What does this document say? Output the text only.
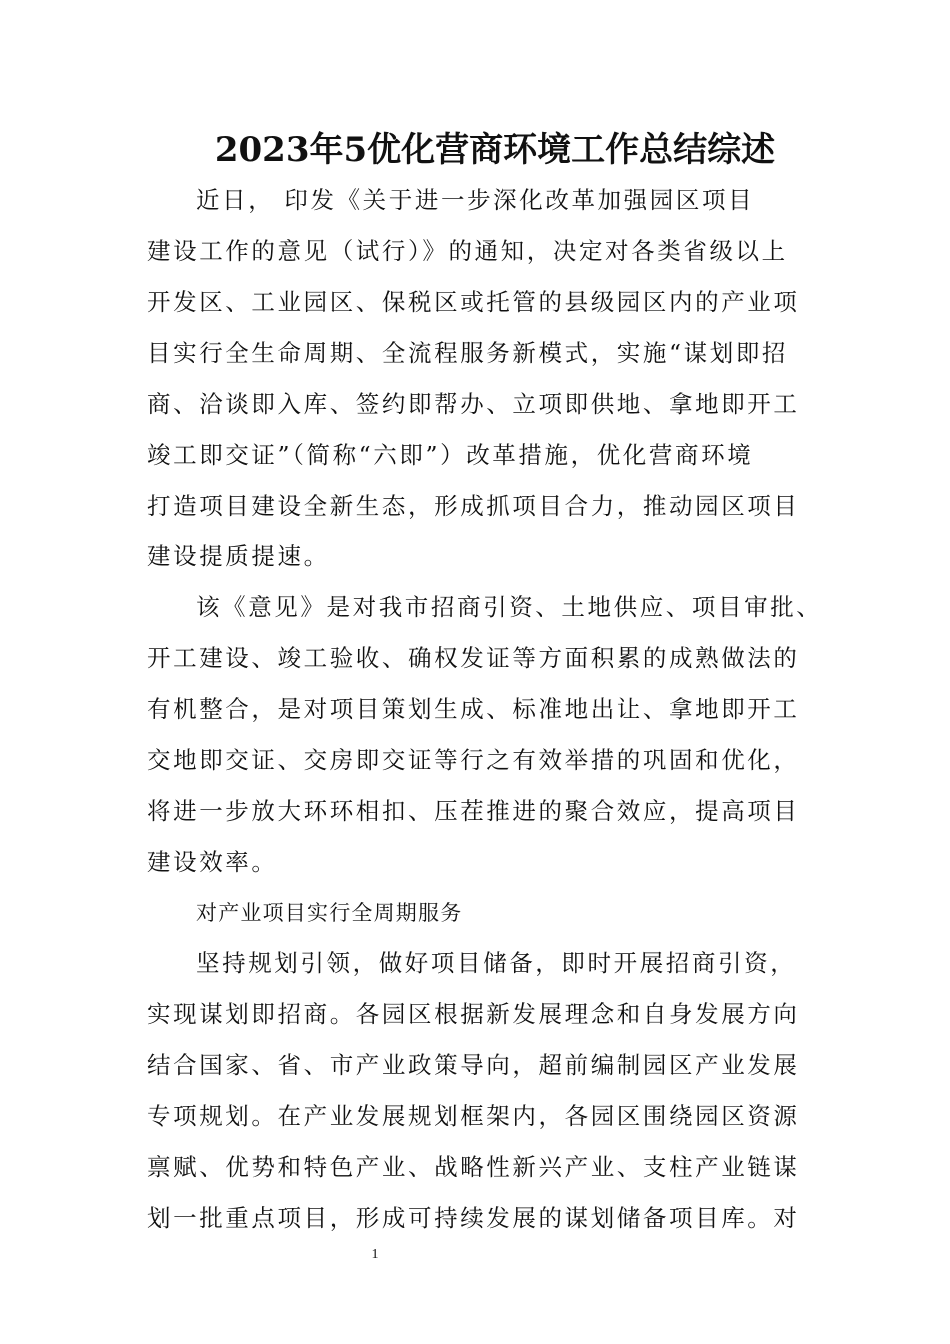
2023年5优化营商环境工作总结综述
近日， 印发《关于进一步深化改革加强园区项目
建设工作的意见（试行）》的通知，决定对各类省级以上
开发区、工业园区、保税区或托管的县级园区内的产业项
目实行全生命周期、全流程服务新模式，实施“谋划即招
商、洽谈即入库、签约即帮办、立项即供地、拿地即开工
竣工即交证”（简称“六即”）改革措施，优化营商环境
打造项目建设全新生态，形成抓项目合力，推动园区项目
建设提质提速。
该《意见》是对我市招商引资、土地供应、项目审批、
开工建设、竣工验收、确权发证等方面积累的成熟做法的
有机整合，是对项目策划生成、标准地出让、拿地即开工
交地即交证、交房即交证等行之有效举措的巩固和优化，
将进一步放大环环相扣、压茬推进的聚合效应，提高项目
建设效率。
对产业项目实行全周期服务
坚持规划引领，做好项目储备，即时开展招商引资，
实现谋划即招商。各园区根据新发展理念和自身发展方向
结合国家、省、市产业政策导向，超前编制园区产业发展
专项规划。在产业发展规划框架内，各园区围绕园区资源
禀赋、优势和特色产业、战略性新兴产业、支柱产业链谋
划一批重点项目，形成可持续发展的谋划储备项目库。对
1
